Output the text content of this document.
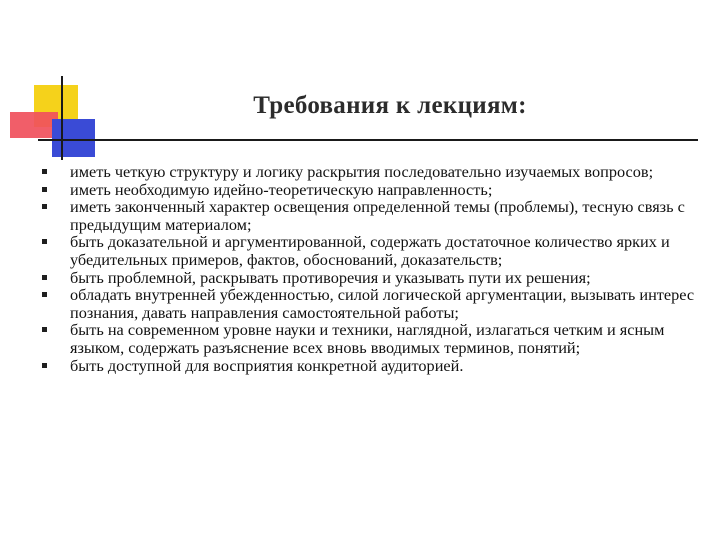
Требования к лекциям:
иметь четкую структуру и логику раскрытия последовательно изучаемых вопросов;
иметь необходимую идейно-теоретическую направленность;
иметь законченный характер освещения определенной темы (проблемы), тесную связь с предыдущим материалом;
быть доказательной и аргументированной, содержать достаточное количество ярких и убедительных примеров, фактов, обоснований, доказательств;
быть проблемной, раскрывать противоречия и указывать пути их решения;
обладать внутренней убежденностью, силой логической аргументации, вызывать интерес познания, давать направления самостоятельной работы;
быть на современном уровне науки и техники, наглядной, излагаться четким и ясным языком, содержать разъяснение всех вновь вводимых терминов, понятий;
быть доступной для восприятия конкретной аудиторией.
